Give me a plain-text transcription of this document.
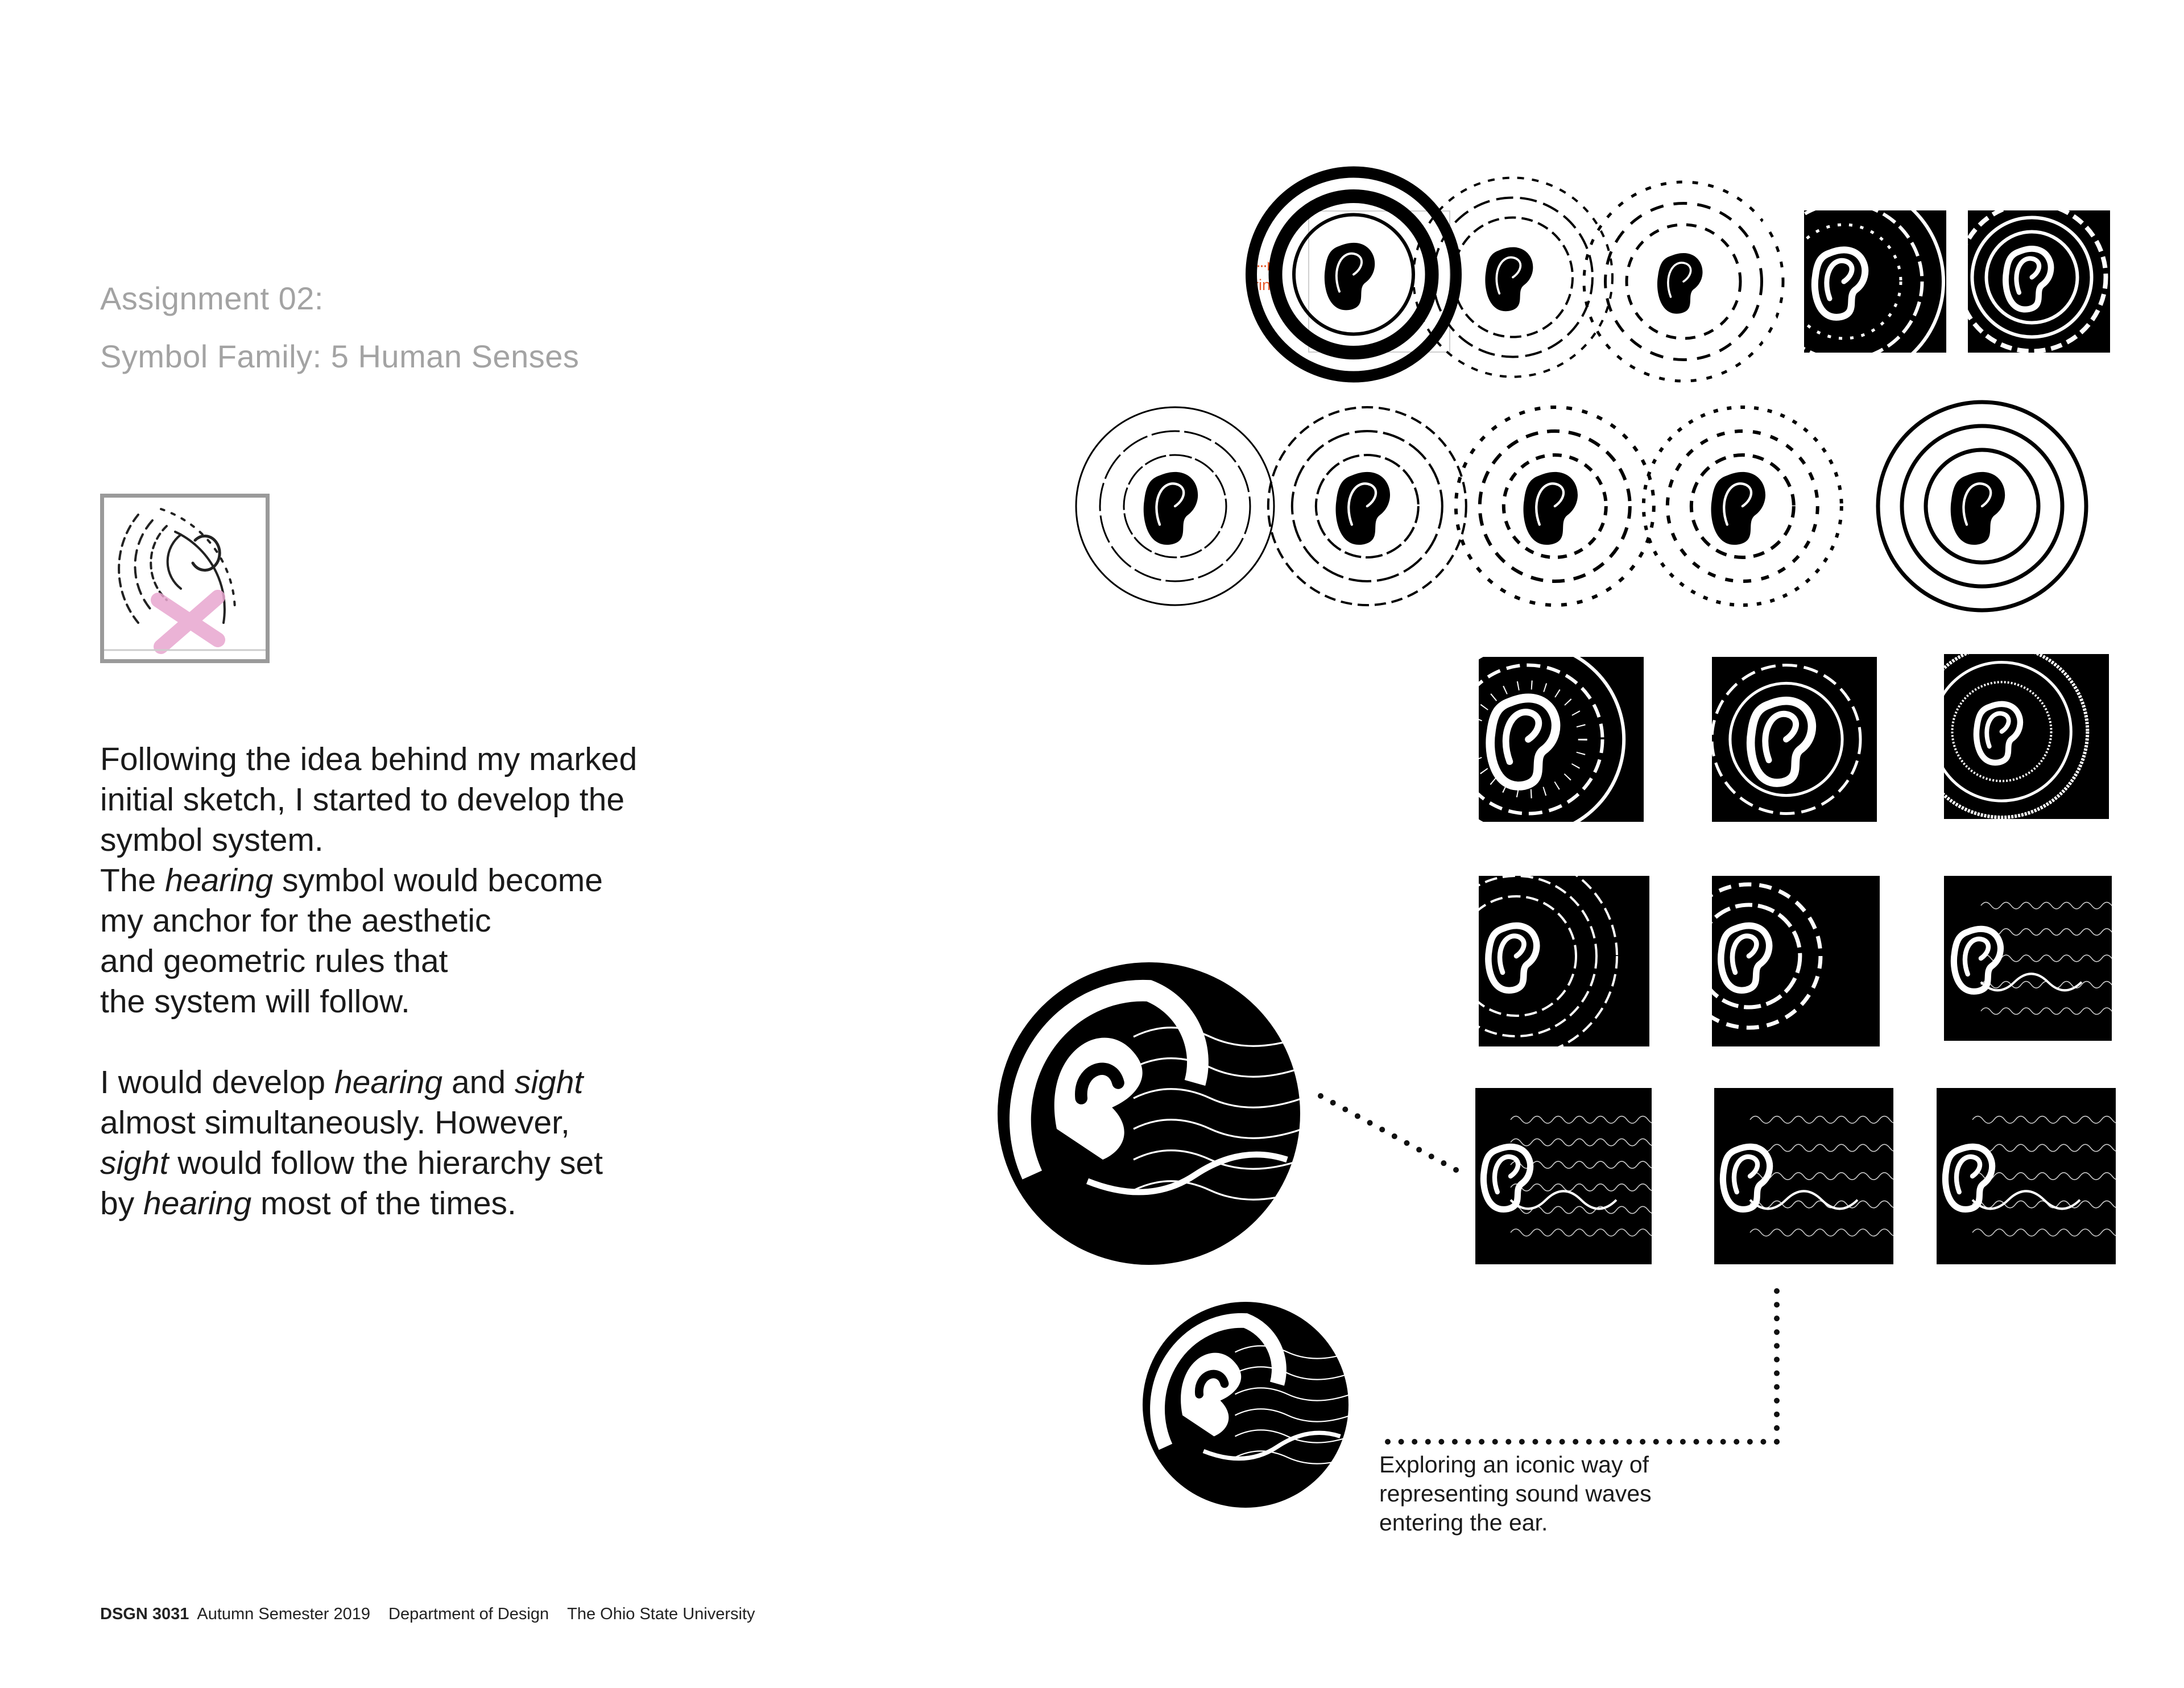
Assignment 02:
Symbol Family: 5 Human Senses

Following the idea behind my marked

initial sketch, I started to develop the

symbol system.

The hearing symbol would become

my anchor for the aesthetic

and geometric rules that

the system will follow.

I would develop hearing and sight

almost simultaneously. However,

sight would follow the hierarchy set

by hearing most of the times.

DSGN 3031 Autumn Semester 2019 Department of Design The Ohio State University
ring

Exploring an iconic way of

representing sound waves

entering the ear.
